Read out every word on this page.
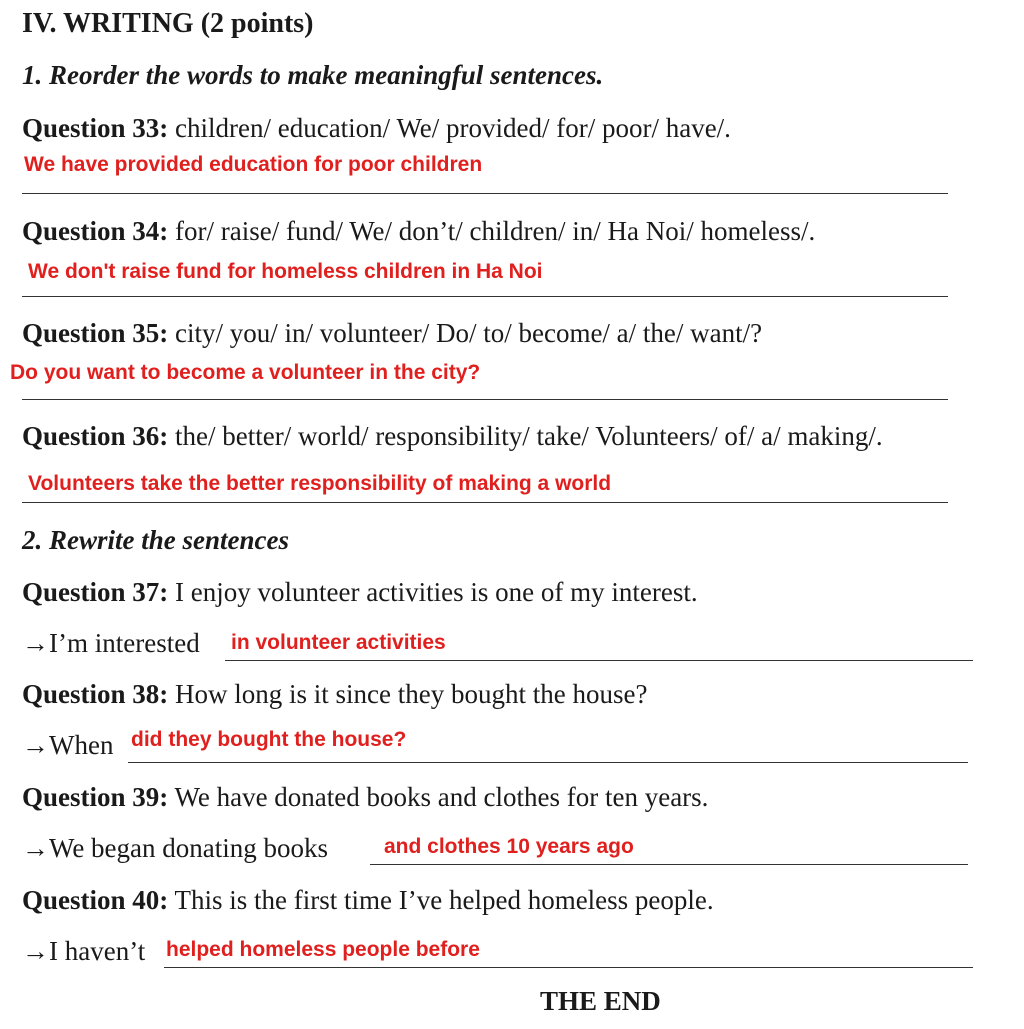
IV. WRITING (2 points)
1. Reorder the words to make meaningful sentences.
Question 33: children/ education/ We/ provided/ for/ poor/ have/.
We have provided education for poor children
Question 34: for/ raise/ fund/ We/ don’t/ children/ in/ Ha Noi/ homeless/.
We don't raise fund for homeless children in Ha Noi
Question 35: city/ you/ in/ volunteer/ Do/ to/ become/ a/ the/ want/?
Do you want to become a volunteer in the city?
Question 36: the/ better/ world/ responsibility/ take/ Volunteers/ of/ a/ making/.
Volunteers take the better responsibility of making a world
2. Rewrite the sentences
Question 37: I enjoy volunteer activities is one of my interest.
→I’m interested in volunteer activities
Question 38: How long is it since they bought the house?
→When did they bought the house?
Question 39: We have donated books and clothes for ten years.
→We began donating books	and clothes 10 years ago
Question 40: This is the first time I’ve helped homeless people.
→I haven’t helped homeless people before
THE END
